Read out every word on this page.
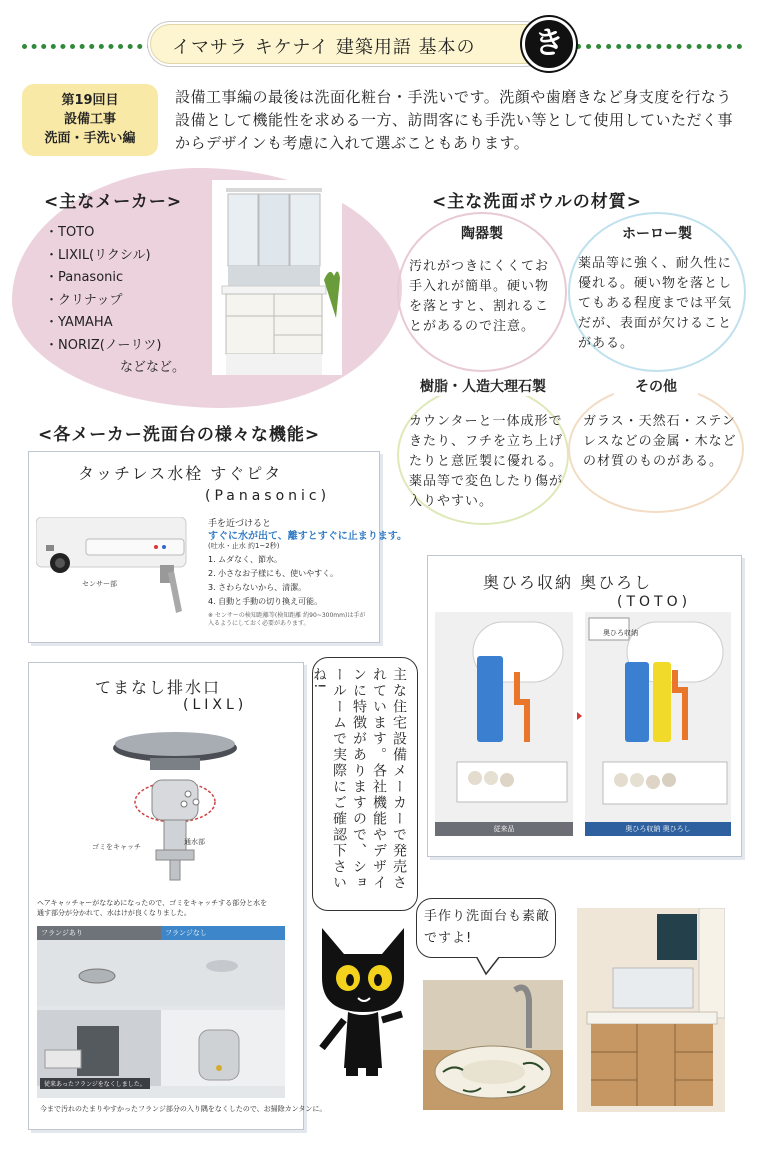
イマサラ キケナイ 建築用語 基本の	き
第19回目
設備工事
洗面・手洗い編
設備工事編の最後は洗面化粧台・手洗いです。洗顔や歯磨きなど身支度を行なう設備として機能性を求める一方、訪問客にも手洗い等として使用していただく事からデザインも考慮に入れて選ぶこともあります。
<主なメーカー>
・TOTO
・LIXIL(リクシル)
・Panasonic
・クリナップ
・YAMAHA
・NORIZ(ノーリツ)
などなど。
<主な洗面ボウルの材質>
陶器製
汚れがつきにくくてお手入れが簡単。硬い物を落とすと、割れることがあるので注意。
ホーロー製
薬品等に強く、耐久性に優れる。硬い物を落としてもある程度までは平気だが、表面が欠けることがある。
樹脂・人造大理石製
カウンターと一体成形できたり、フチを立ち上げたりと意匠製に優れる。薬品等で変色したり傷が入りやすい。
その他
ガラス・天然石・ステンレスなどの金属・木などの材質のものがある。
<各メーカー洗面台の様々な機能>
タッチレス水栓 すぐピタ
(Panasonic)
センサー部
手を近づけると
すぐに水が出て、離すとすぐに止まります。
(吐水・止水 約1~2秒)
1. ムダなく、節水。
2. 小さなお子様にも、使いやすく。
3. さわらないから、清潔。
4. 自動と手動の切り換え可能。
※ センサーの検知距離等(検知距離 約90~300mm)は手が入るようにしておく必要があります。
てまなし排水口
(LIXL)
ゴミをキャッチ
通水部
ヘアキャッチャーがななめになったので、ゴミをキャッチする部分と水を通す部分が分かれて、水はけが良くなりました。
フランジあり	フランジなし
従来あったフランジをなくしました。
今まで汚れのたまりやすかったフランジ部分の入り隅をなくしたので、お掃除カンタンに。
奥ひろ収納 奥ひろし
(TOTO)
奥ひろ収納
従来品	奥ひろ収納 奥ひろし
主な住宅設備メーカーで発売されています。各社機能やデザインに特徴がありますので、ショールームで実際にご確認下さいね!
手作り洗面台も素敵ですよ!
